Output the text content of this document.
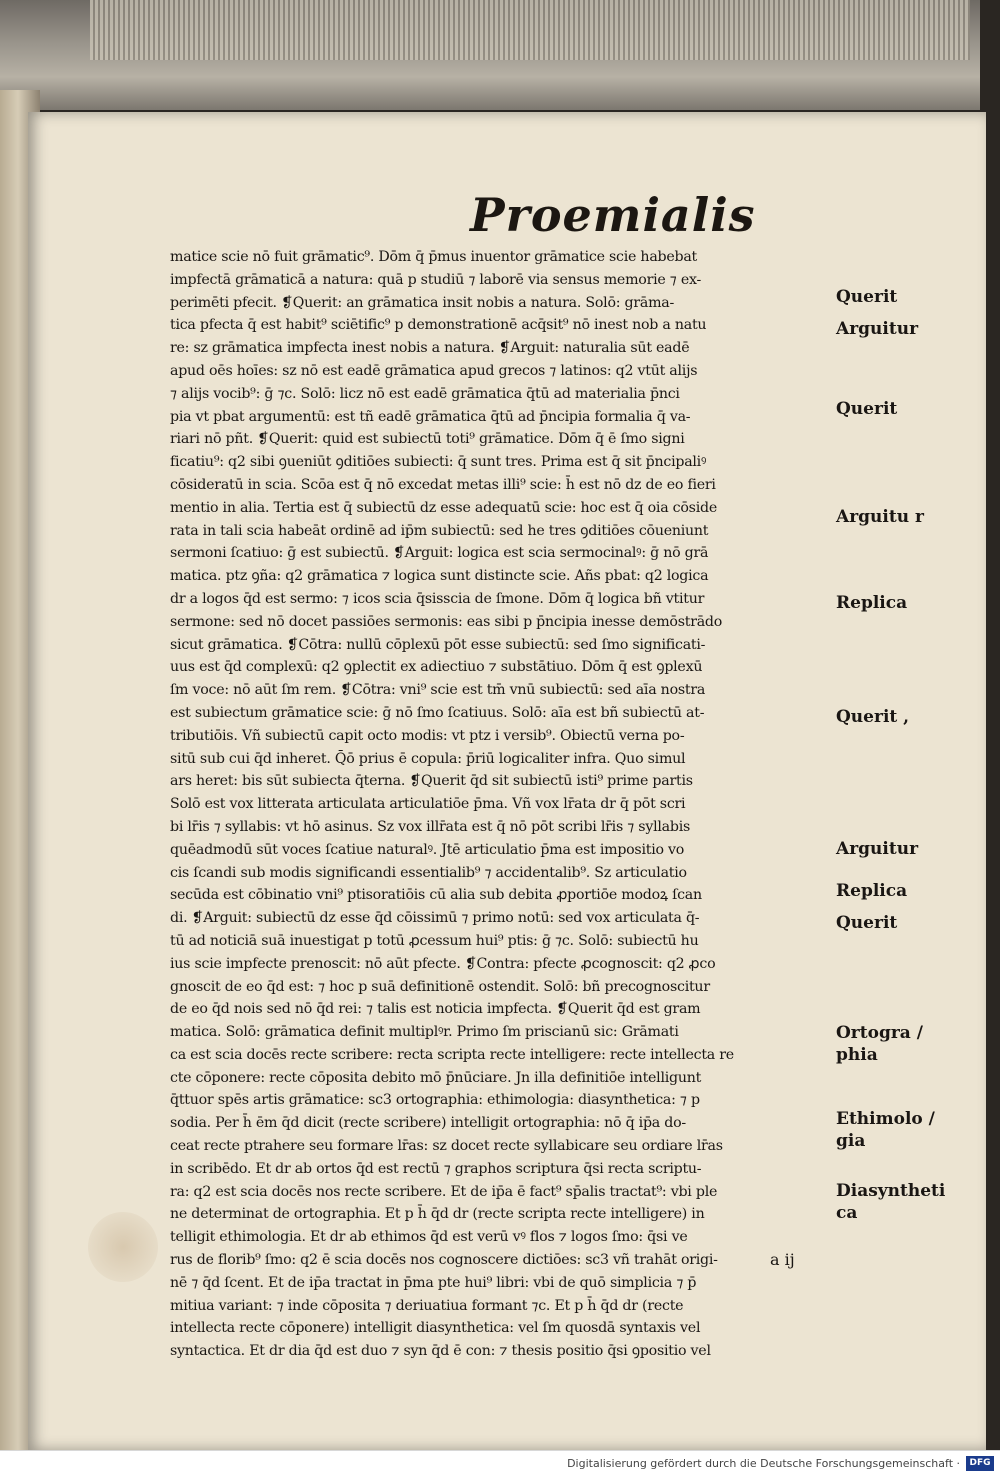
Proemialis
matice scie nō fuit grāmatic⁹. Dōm q̄ p̄mus inuentor grāmatice scie habebat
impfectā grāmaticā a natura: quā p studiū ⁊ laborē via sensus memorie ⁊ ex-
perimēti pfecit. ❡Querit: an grāmatica insit nobis a natura. Solō: grāma-
tica pfecta q̄ est habit⁹ sciētific⁹ p demonstrationē acq̄sit⁹ nō inest nob a natu
re: sz grāmatica impfecta inest nobis a natura. ❡Arguit: naturalia sūt eadē
apud oēs hoīes: sz nō est eadē grāmatica apud grecos ⁊ latinos: q2 vtūt alijs
⁊ alijs vocib⁹: ḡ ⁊c. Solō: licz nō est eadē grāmatica q̄tū ad materialia p̄nci
pia vt pbat argumentū: est tñ eadē grāmatica q̄tū ad p̄ncipia formalia q̄ va-
riari nō pñt. ❡Querit: quid est subiectū toti⁹ grāmatice. Dōm q̄ ē ſmo signi
ficatiu⁹: q2 sibi ꝯueniūt ꝯditiōes subiecti: q̄ sunt tres. Prima est q̄ sit p̄ncipaliꝰ
cōsideratū in scia. Scōa est q̄ nō excedat metas illi⁹ scie: h̄ est nō dz de eo fieri
mentio in alia. Tertia est q̄ subiectū dz esse adequatū scie: hoc est q̄ oia cōside
rata in tali scia habeāt ordinē ad ip̄m subiectū: sed he tres ꝯditiōes cōueniunt
sermoni ſcatiuo: ḡ est subiectū. ❡Arguit: logica est scia sermocinalꝰ: ḡ nō grā
matica. ptz ꝯña: q2 grāmatica ⁊ logica sunt distincte scie. Añs pbat: q2 logica
dr a logos q̄d est sermo: ⁊ icos scia q̄sisscia de ſmone. Dōm q̄ logica bñ vtitur
sermone: sed nō docet passiōes sermonis: eas sibi p p̄ncipia inesse demōstrādo
sicut grāmatica. ❡Cōtra: nullū cōplexū pōt esse subiectū: sed ſmo significati-
uus est q̄d complexū: q2 ꝯplectit ex adiectiuo ⁊ substātiuo. Dōm q̄ est ꝯplexū
ſm voce: nō aūt ſm rem. ❡Cōtra: vni⁹ scie est tm̄ vnū subiectū: sed aīa nostra
est subiectum grāmatice scie: ḡ nō ſmo ſcatiuus. Solō: aīa est bñ subiectū at-
tributiōis. Vñ subiectū capit octo modis: vt ptz i versib⁹. Obiectū verna po-
sitū sub cui q̄d inheret. Q̄ō prius ē copula: p̄riū logicaliter infra. Quo simul
ars heret: bis sūt subiecta q̄terna. ❡Querit q̄d sit subiectū isti⁹ prime partis
Solō est vox litterata articulata articulatiōe p̄ma. Vñ vox lr̄ata dr q̄ pōt scri
bi lr̄is ⁊ syllabis: vt hō asinus. Sz vox illr̄ata est q̄ nō pōt scribi lr̄is ⁊ syllabis
quēadmodū sūt voces ſcatiue naturalꝰ. Jtē articulatio p̄ma est impositio vo
cis ſcandi sub modis significandi essentialib⁹ ⁊ accidentalib⁹. Sz articulatio
secūda est cōbinatio vni⁹ ptisoratiōis cū alia sub debita ꝓportiōe modoꝝ ſcan
di. ❡Arguit: subiectū dz esse q̄d cōissimū ⁊ primo notū: sed vox articulata q̄-
tū ad noticiā suā inuestigat p totū ꝓcessum hui⁹ ptis: ḡ ⁊c. Solō: subiectū hu
ius scie impfecte prenoscit: nō aūt pfecte. ❡Contra: pfecte ꝓcognoscit: q2 ꝓco
gnoscit de eo q̄d est: ⁊ hoc p suā definitionē ostendit. Solō: bñ precognoscitur
de eo q̄d nois sed nō q̄d rei: ⁊ talis est noticia impfecta. ❡Querit q̄d est gram
matica. Solō: grāmatica definit multiplꝰr. Primo ſm priscianū sic: Grāmati
ca est scia docēs recte scribere: recta scripta recte intelligere: recte intellecta re
cte cōponere: recte cōposita debito mō p̄nūciare. Jn illa definitiōe intelligunt
q̄ttuor spēs artis grāmatice: sc3 ortographia: ethimologia: diasynthetica: ⁊ p
sodia. Per h̄ ēm q̄d dicit (recte scribere) intelligit ortographia: nō q̄ ip̄a do-
ceat recte ptrahere seu formare lr̄as: sz docet recte syllabicare seu ordiare lr̄as
in scribēdo. Et dr ab ortos q̄d est rectū ⁊ graphos scriptura q̄si recta scriptu-
ra: q2 est scia docēs nos recte scribere. Et de ip̄a ē fact⁹ sp̄alis tractat⁹: vbi ple
ne determinat de ortographia. Et p h̄ q̄d dr (recte scripta recte intelligere) in
telligit ethimologia. Et dr ab ethimos q̄d est verū vꝰ flos ⁊ logos ſmo: q̄si ve
rus de florib⁹ ſmo: q2 ē scia docēs nos cognoscere dictiōes: sc3 vñ trahāt origi-
nē ⁊ q̄d ſcent. Et de ip̄a tractat in p̄ma pte hui⁹ libri: vbi de quō simplicia ⁊ p̄
mitiua variant: ⁊ inde cōposita ⁊ deriuatiua formant ⁊c. Et p h̄ q̄d dr (recte
intellecta recte cōponere) intelligit diasynthetica: vel ſm quosdā syntaxis vel
syntactica. Et dr dia q̄d est duo ⁊ syn q̄d ē con: ⁊ thesis positio q̄si ꝯpositio vel
Querit
Arguitur
Querit
Arguitu r
Replica
Querit ,
Arguitur
Replica
Querit
Ortogra /
phia
Ethimolo /
gia
Diasyntheti
ca
a ij
Digitalisierung gefördert durch die Deutsche Forschungsgemeinschaft ·	DFG
